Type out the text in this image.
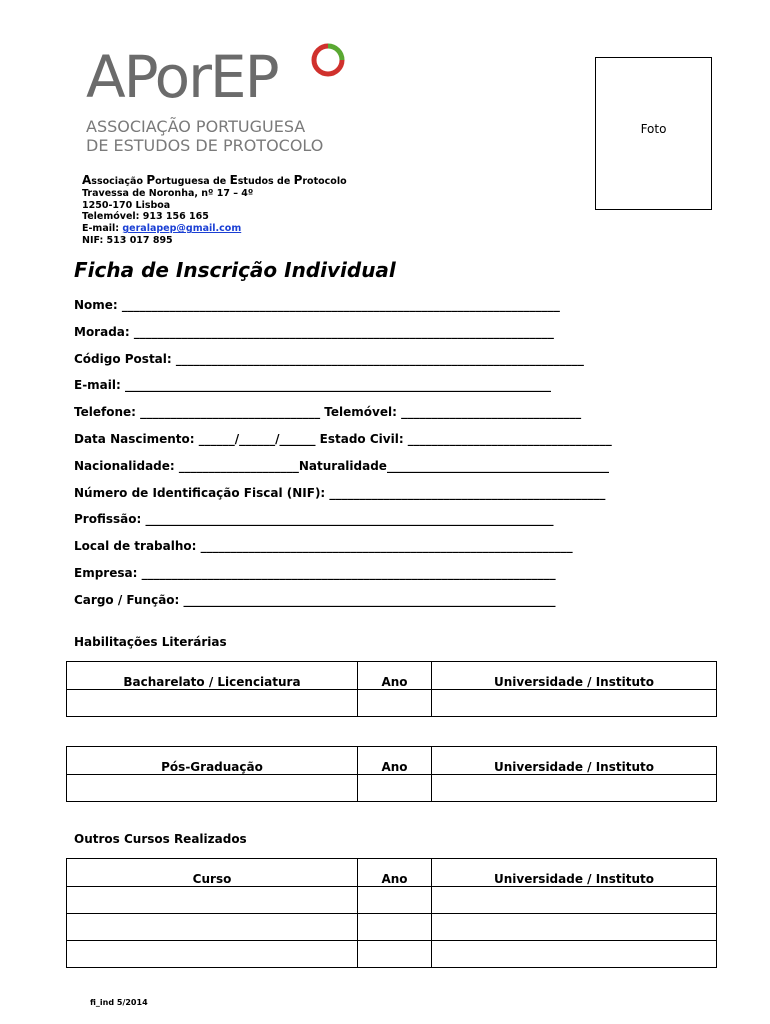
APorEP
ASSOCIAÇÃO PORTUGUESA
DE ESTUDOS DE PROTOCOLO
Associação Portuguesa de Estudos de Protocolo
Travessa de Noronha, nº 17 – 4º
1250-170 Lisboa
Telemóvel: 913 156 165
E-mail: geralapep@gmail.com
NIF: 513 017 895
Foto
Ficha de Inscrição Individual
Nome: _________________________________________________________________________
Morada: ______________________________________________________________________
Código Postal: ____________________________________________________________________
E-mail: _______________________________________________________________________
Telefone: ______________________________ Telemóvel: ______________________________
Data Nascimento: ______/______/______ Estado Civil: __________________________________
Nacionalidade: ____________________Naturalidade_____________________________________
Número de Identificação Fiscal (NIF): ______________________________________________
Profissão: ____________________________________________________________________
Local de trabalho: ______________________________________________________________
Empresa: _____________________________________________________________________
Cargo / Função: ______________________________________________________________
Habilitações Literárias
Bacharelato / Licenciatura	Ano	Universidade / Instituto

Pós-Graduação	Ano	Universidade / Instituto

Outros Cursos Realizados
Curso	Ano	Universidade / Instituto

fi_ind 5/2014
